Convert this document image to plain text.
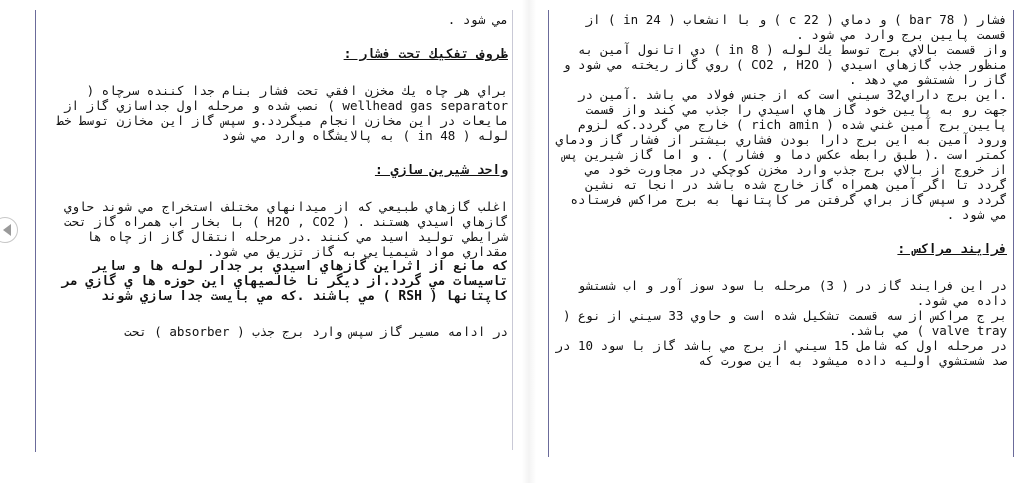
مي شود .

ظروف تفكيك تحت فشار :

براي هر چاه يك مخزن افقي تحت فشار بنام جدا كننده سرچاه ( wellhead gas separator ) نصب شده و مرحله اول جداسازي گاز از مايعات در اين مخازن انجام ميگردد.و سپس گاز اين مخازن توسط خط لوله ( 48 in ) به پالايشگاه وارد مي شود

واحد شيرين سازي :

اغلب گازهاي طبيعي كه از ميدانهاي مختلف استخراج مي شوند حاوي گازهاي اسيدي هستند . ( H2O , CO2 ) با بخار اب همراه گاز تحت شرايطي توليد اسيد مي كنند .در مرحله انتقال گاز از چاه ها مقداري مواد شيميايي به گاز تزريق مي شود.

كه مانع از اثراين گازهاي اسيدي بر جدار لوله ها و ساير تاسيسات مي گردد.از ديگر نا خالصيهاي اين حوزه ها ي گازي مر كاپتانها ( RSH ) مي باشند .كه مي بايست جدا سازي شوند

در ادامه مسير گاز سپس وارد برج جذب ( absorber ) تحت

فشار ( 78 bar ) و دماي ( 22 c ) و با انشعاب ( 24 in ) از قسمت پايين برج وارد مي شود .

واز قسمت بالاي برج توسط يك لوله ( 8 in ) دي اتانول آمين به منظور جذب گازهاي اسيدي ( CO2 , H2O ) روي گاز ريخته مي شود و گاز را شستشو مي دهد .

.اين برج داراي32 سيني است كه از جنس فولاد مي باشد .آمين در جهت رو به پايين خود گاز هاي اسيدي را جذب مي كند واز قسمت پايين برج آمين غني شده ( rich amin ) خارج مي گردد.كه لزوم ورود آمين به اين برج دارا بودن فشاري بيشتر از فشار گاز ودماي كمتر است .( طبق رابطه عكس دما و فشار ) . و اما گاز شيرين پس از خروج از بالاي برج جذب وارد مخزن كوچكي در مجاورت خود مي گردد تا اگر آمين همراه گاز خارج شده باشد در انجا ته نشين گردد و سپس گاز براي گرفتن مر كاپتانها به برج مراكس فرستاده مي شود .

فرايند مراكس :

در اين فرايند گاز در ( 3) مرحله با سود سوز آور و اب شستشو داده مي شود.

بر ج مراكس از سه قسمت تشكيل شده است و حاوي 33 سيني از نوع ( valve tray ) مي باشد.

در مرحله اول كه شامل 15 سيني از برج مي باشد گاز با سود 10 در صد شستشوي اوليه داده ميشود به اين صورت كه
